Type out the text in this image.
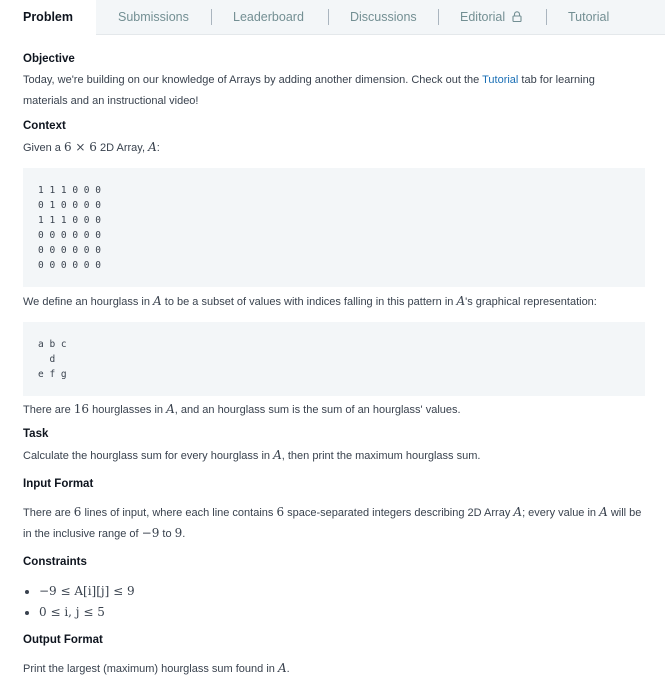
Problem	Submissions	Leaderboard	Discussions	Editorial	Tutorial
Objective
Today, we're building on our knowledge of Arrays by adding another dimension. Check out the Tutorial tab for learning
materials and an instructional video!
Context
Given a 6 × 6 2D Array, A:
1 1 1 0 0 0
0 1 0 0 0 0
1 1 1 0 0 0
0 0 0 0 0 0
0 0 0 0 0 0
0 0 0 0 0 0
We define an hourglass in A to be a subset of values with indices falling in this pattern in A's graphical representation:
a b c
d
e f g
There are 16 hourglasses in A, and an hourglass sum is the sum of an hourglass' values.
Task
Calculate the hourglass sum for every hourglass in A, then print the maximum hourglass sum.
Input Format
There are 6 lines of input, where each line contains 6 space-separated integers describing 2D Array A; every value in A will be
in the inclusive range of −9 to 9.
Constraints
−9 ≤ A[i][j] ≤ 9
0 ≤ i, j ≤ 5
Output Format
Print the largest (maximum) hourglass sum found in A.
